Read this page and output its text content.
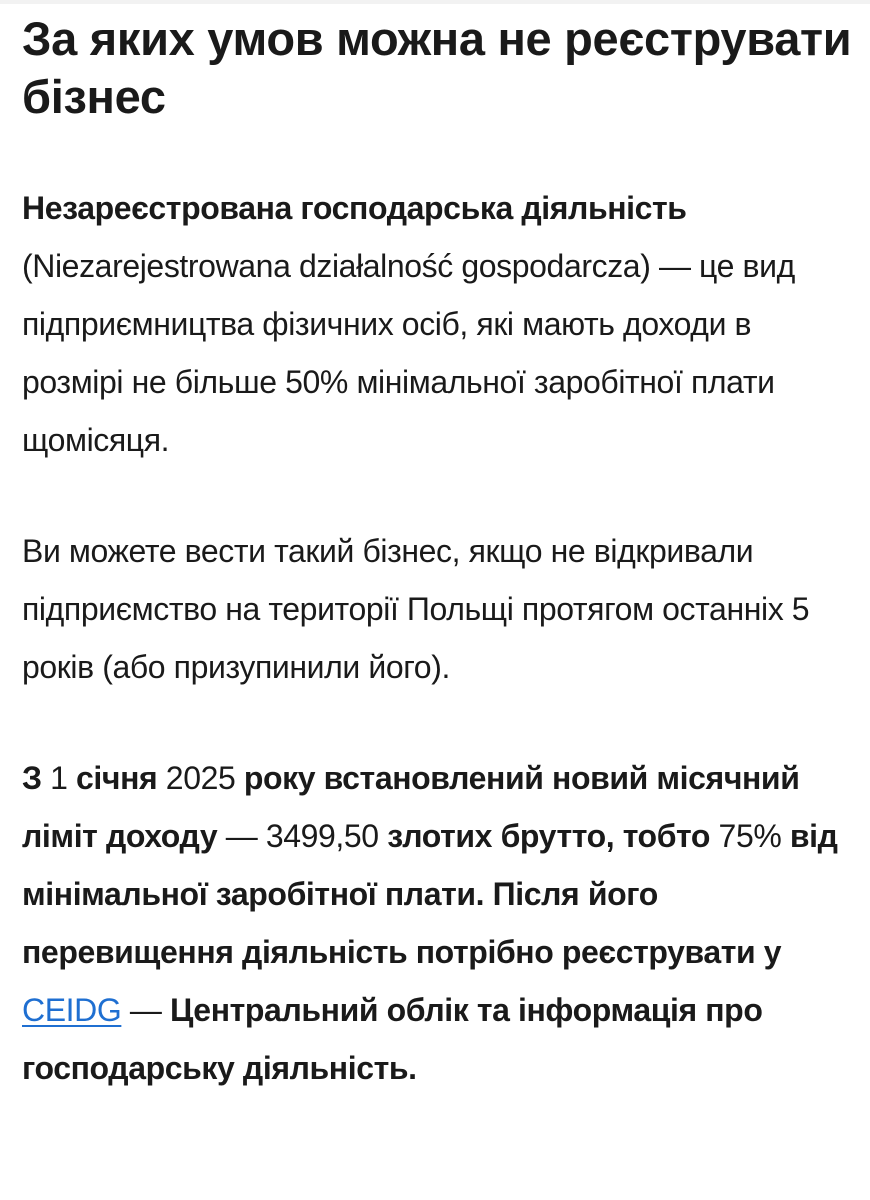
За яких умов можна не реєструвати бізнес

Незареєстрована господарська діяльність (Niezarejestrowana działalność gospodarcza) — це вид підприємництва фізичних осіб, які мають доходи в розмірі не більше 50% мінімальної заробітної плати щомісяця.

Ви можете вести такий бізнес, якщо не відкривали підприємство на території Польщі протягом останніх 5 років (або призупинили його).

З 1 січня 2025 року встановлений новий місячний ліміт доходу — 3499,50 злотих брутто, тобто 75% від мінімальної заробітної плати. Після його перевищення діяльність потрібно реєструвати у CEIDG — Центральний облік та інформація про господарську діяльність.
